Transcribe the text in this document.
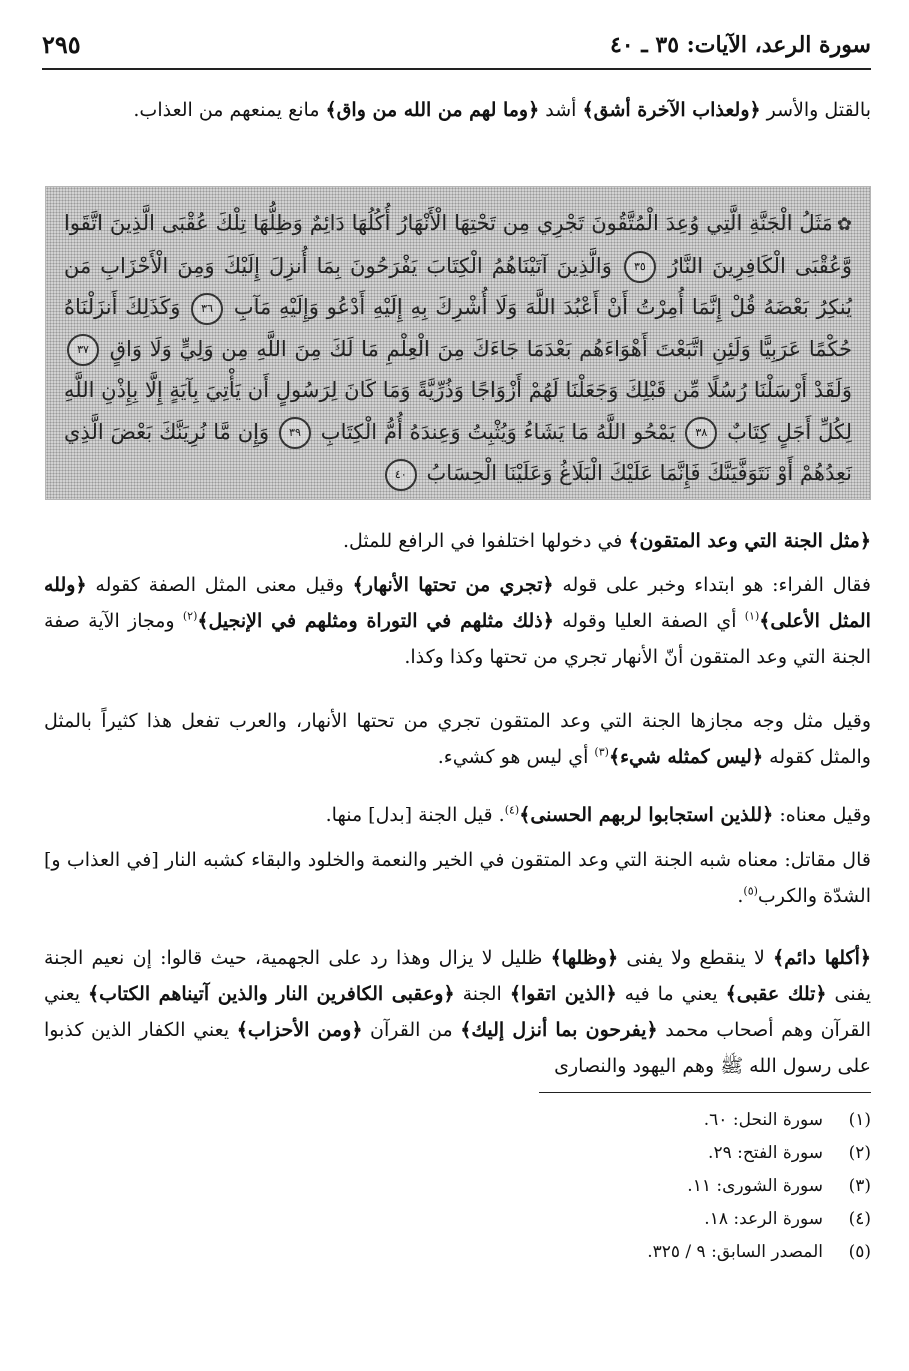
سورة الرعد، الآيات: ٣٥ ـ ٤٠
٢٩٥

بالقتل والأسر ﴿ولعذاب الآخرة أشق﴾ أشد ﴿وما لهم من الله من واق﴾ مانع يمنعهم من العذاب.

✿مَثَلُ الْجَنَّةِ الَّتِي وُعِدَ الْمُتَّقُونَ تَجْرِي مِن تَحْتِهَا الْأَنْهَارُ أُكُلُهَا دَائِمٌ وَظِلُّهَا تِلْكَ عُقْبَى الَّذِينَ اتَّقَوا وَّعُقْبَى الْكَافِرِينَ النَّارُ ٣٥ وَالَّذِينَ آتَيْنَاهُمُ الْكِتَابَ يَفْرَحُونَ بِمَا أُنزِلَ إِلَيْكَ وَمِنَ الْأَحْزَابِ مَن يُنكِرُ بَعْضَهُ قُلْ إِنَّمَا أُمِرْتُ أَنْ أَعْبُدَ اللَّهَ وَلَا أُشْرِكَ بِهِ إِلَيْهِ أَدْعُو وَإِلَيْهِ مَآبِ ٣٦ وَكَذَلِكَ أَنزَلْنَاهُ حُكْمًا عَرَبِيًّا وَلَئِنِ اتَّبَعْتَ أَهْوَاءَهُم بَعْدَمَا جَاءَكَ مِنَ الْعِلْمِ مَا لَكَ مِنَ اللَّهِ مِن وَلِيٍّ وَلَا وَاقٍ ٣٧ وَلَقَدْ أَرْسَلْنَا رُسُلًا مِّن قَبْلِكَ وَجَعَلْنَا لَهُمْ أَزْوَاجًا وَذُرِّيَّةً وَمَا كَانَ لِرَسُولٍ أَن يَأْتِيَ بِآيَةٍ إِلَّا بِإِذْنِ اللَّهِ لِكُلِّ أَجَلٍ كِتَابٌ ٣٨ يَمْحُو اللَّهُ مَا يَشَاءُ وَيُثْبِتُ وَعِندَهُ أُمُّ الْكِتَابِ ٣٩ وَإِن مَّا نُرِيَنَّكَ بَعْضَ الَّذِي نَعِدُهُمْ أَوْ نَتَوَفَّيَنَّكَ فَإِنَّمَا عَلَيْكَ الْبَلَاغُ وَعَلَيْنَا الْحِسَابُ ٤٠

﴿مثل الجنة التي وعد المتقون﴾ في دخولها اختلفوا في الرافع للمثل.

فقال الفراء: هو ابتداء وخبر على قوله ﴿تجري من تحتها الأنهار﴾ وقيل معنى المثل الصفة كقوله ﴿ولله المثل الأعلى﴾$^{(١)}$ أي الصفة العليا وقوله ﴿ذلك مثلهم في التوراة ومثلهم في الإنجيل﴾$^{(٢)}$ ومجاز الآية صفة الجنة التي وعد المتقون أنّ الأنهار تجري من تحتها وكذا وكذا.

وقيل مثل وجه مجازها الجنة التي وعد المتقون تجري من تحتها الأنهار، والعرب تفعل هذا كثيراً بالمثل والمثل كقوله ﴿ليس كمثله شيء﴾$^{(٣)}$ أي ليس هو كشيء.

وقيل معناه: ﴿للذين استجابوا لربهم الحسنى﴾$^{(٤)}$. قيل الجنة [بدل] منها.

قال مقاتل: معناه شبه الجنة التي وعد المتقون في الخير والنعمة والخلود والبقاء كشبه النار [في العذاب و] الشدّة والكرب$^{(٥)}$.

﴿أكلها دائم﴾ لا ينقطع ولا يفنى ﴿وظلها﴾ ظليل لا يزال وهذا رد على الجهمية، حيث قالوا: إن نعيم الجنة يفنى ﴿تلك عقبى﴾ يعني ما فيه ﴿الذين اتقوا﴾ الجنة ﴿وعقبى الكافرين النار والذين آتيناهم الكتاب﴾ يعني القرآن وهم أصحاب محمد ﴿يفرحون بما أنزل إليك﴾ من القرآن ﴿ومن الأحزاب﴾ يعني الكفار الذين كذبوا على رسول الله ﷺ وهم اليهود والنصارى

(١)سورة النحل: ٦٠.
(٢)سورة الفتح: ٢٩.
(٣)سورة الشورى: ١١.
(٤)سورة الرعد: ١٨.
(٥)المصدر السابق: ٩ / ٣٢٥.
